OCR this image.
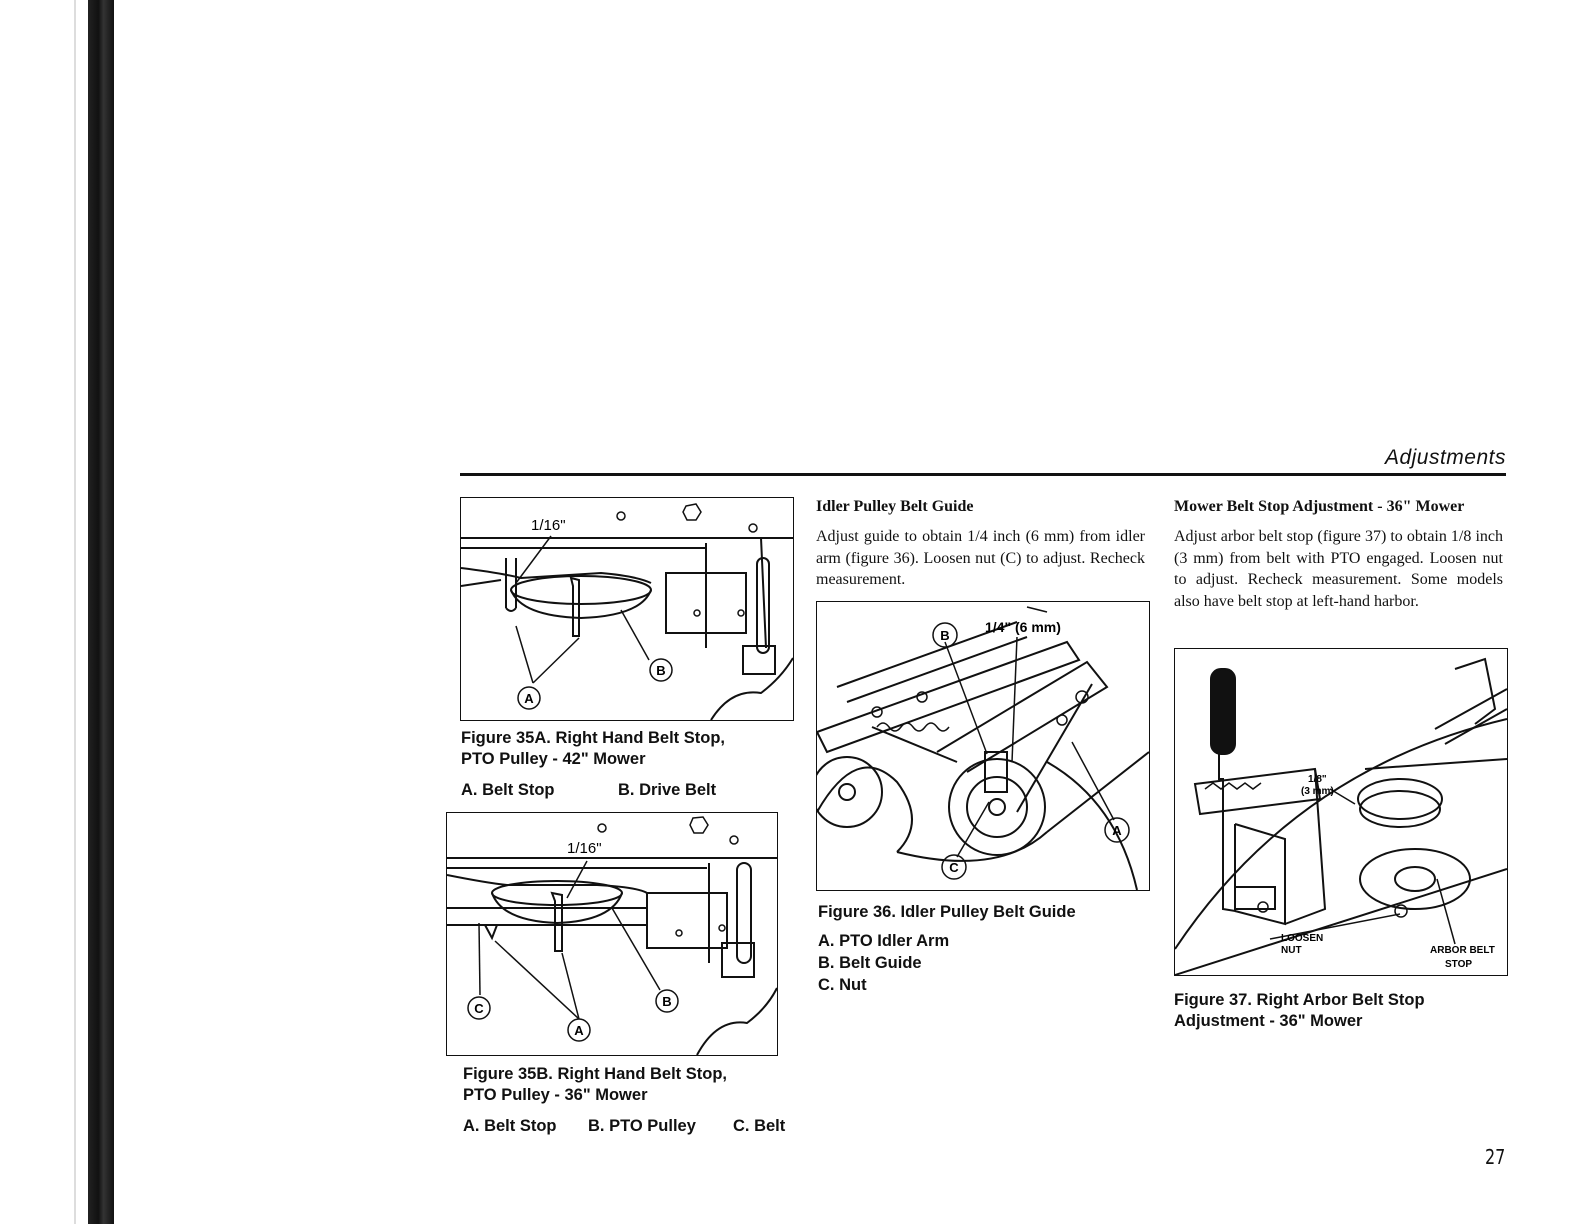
Adjustments
1/16"
A
B
Figure 35A. Right Hand Belt Stop,
PTO Pulley - 42" Mower
A. Belt Stop	B. Drive Belt
1/16"
C
A
B
Figure 35B. Right Hand Belt Stop,
PTO Pulley - 36" Mower
A. Belt Stop B. PTO Pulley C. Belt
Idler Pulley Belt Guide
Adjust guide to obtain 1/4 inch (6 mm) from idler arm (figure 36). Loosen nut (C) to adjust. Recheck measurement.
1/4" (6 mm)
B
C
A
Figure 36. Idler Pulley Belt Guide
A. PTO Idler Arm
B. Belt Guide
C. Nut
Mower Belt Stop Adjustment - 36" Mower
Adjust arbor belt stop (figure 37) to obtain 1/8 inch (3 mm) from belt with PTO engaged. Loosen nut to adjust. Recheck measurement. Some models also have belt stop at left-hand harbor.
1/8"
(3 mm)
LOOSEN
NUT	ARBOR BELT
STOP
Figure 37. Right Arbor Belt Stop
Adjustment - 36" Mower
27
